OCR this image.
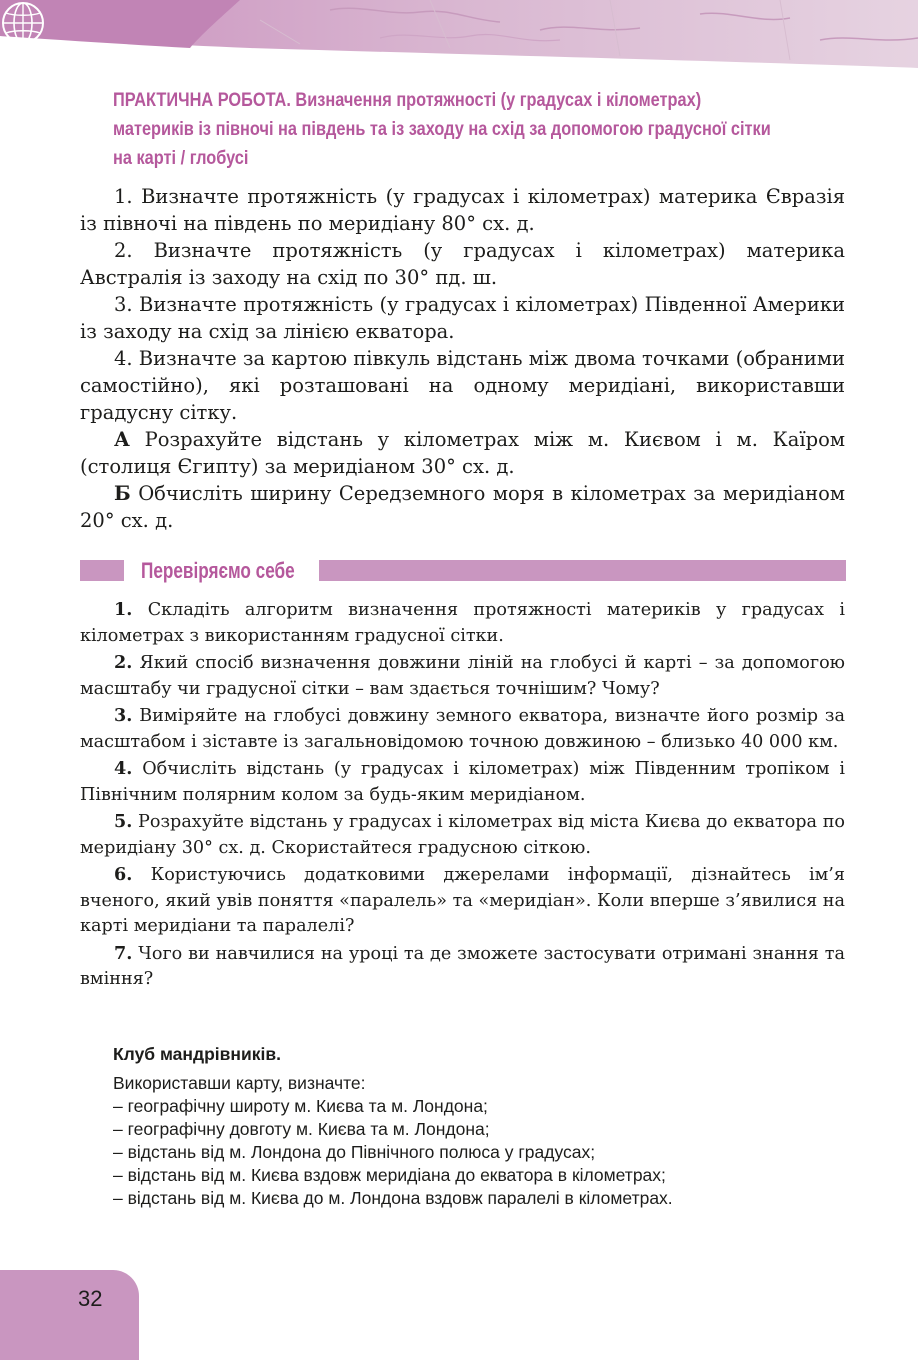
ПРАКТИЧНА РОБОТА. Визначення протяжності (у градусах і кілометрах)
материків із півночі на південь та із заходу на схід за допомогою градусної сітки
на карті / глобусі

1. Визначте протяжність (у градусах і кілометрах) материка Євразія із півночі на південь по меридіану 80° сх. д.

2. Визначте протяжність (у градусах і кілометрах) материка Австралія із заходу на схід по 30° пд. ш.

3. Визначте протяжність (у градусах і кілометрах) Південної Америки із заходу на схід за лінією екватора.

4. Визначте за картою півкуль відстань між двома точками (обраними самостійно), які розташовані на одному меридіані, використавши градусну сітку.

А Розрахуйте відстань у кілометрах між м. Києвом і м. Каїром (столиця Єгипту) за меридіаном 30° сх. д.

Б Обчисліть ширину Середземного моря в кілометрах за меридіаном 20° сх. д.

Перевіряємо себе

1. Складіть алгоритм визначення протяжності материків у градусах і кілометрах з використанням градусної сітки.

2. Який спосіб визначення довжини ліній на глобусі й карті – за допомогою масштабу чи градусної сітки – вам здається точнішим? Чому?

3. Виміряйте на глобусі довжину земного екватора, визначте його розмір за масштабом і зіставте із загальновідомою точною довжиною – близько 40 000 км.

4. Обчисліть відстань (у градусах і кілометрах) між Південним тропіком і Північним полярним колом за будь-яким меридіаном.

5. Розрахуйте відстань у градусах і кілометрах від міста Києва до екватора по меридіану 30° сх. д. Скористайтеся градусною сіткою.

6. Користуючись додатковими джерелами інформації, дізнайтесь ім’я вченого, який увів поняття «паралель» та «меридіан». Коли вперше з’явилися на карті меридіани та паралелі?

7. Чого ви навчилися на уроці та де зможете застосувати отримані знання та вміння?

Клуб мандрівників.
Використавши карту, визначте:
– географічну широту м. Києва та м. Лондона;
– географічну довготу м. Києва та м. Лондона;
– відстань від м. Лондона до Північного полюса у градусах;
– відстань від м. Києва вздовж меридіана до екватора в кілометрах;
– відстань від м. Києва до м. Лондона вздовж паралелі в кілометрах.
32
